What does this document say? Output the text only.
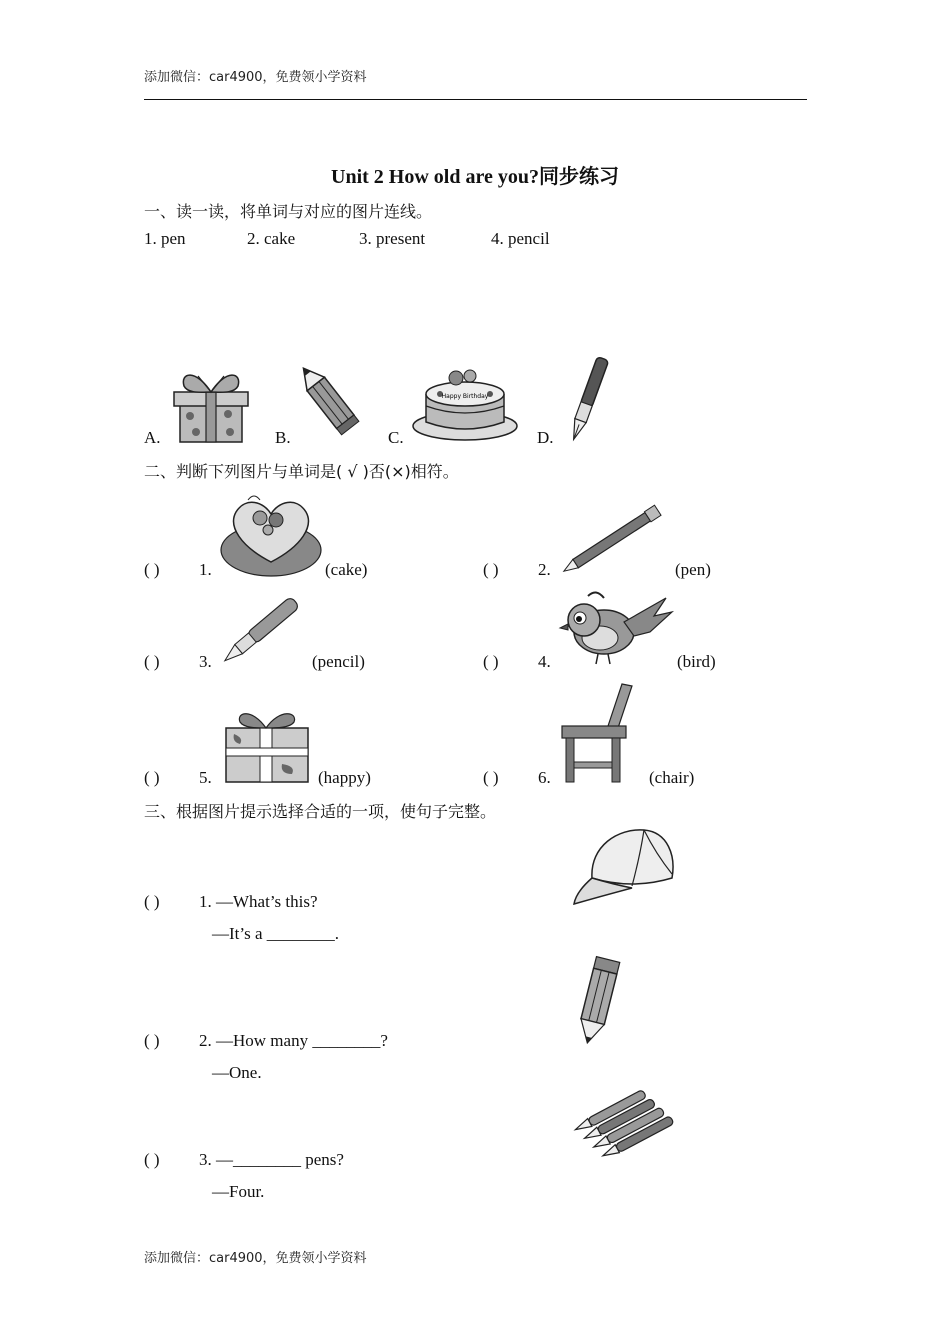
添加微信：car4900，免费领小学资料
Unit 2 How old are you?同步练习
一、读一读，将单词与对应的图片连线。
1. pen	2. cake	3. present	4. pencil
A.	B.	C.	D.
Happy Birthday
二、判断下列图片与单词是( √ )否(×)相符。
( ) 1.	(cake)	( ) 2.	(pen)
( ) 3.	(pencil)	( ) 4.	(bird)
( ) 5.	(happy)	( ) 6.	(chair)
三、根据图片提示选择合适的一项，使句子完整。
( ) 1. —What’s this?
—It’s a ________.
( ) 2. —How many ________?
—One.
( ) 3. —________ pens?
—Four.
添加微信：car4900，免费领小学资料
